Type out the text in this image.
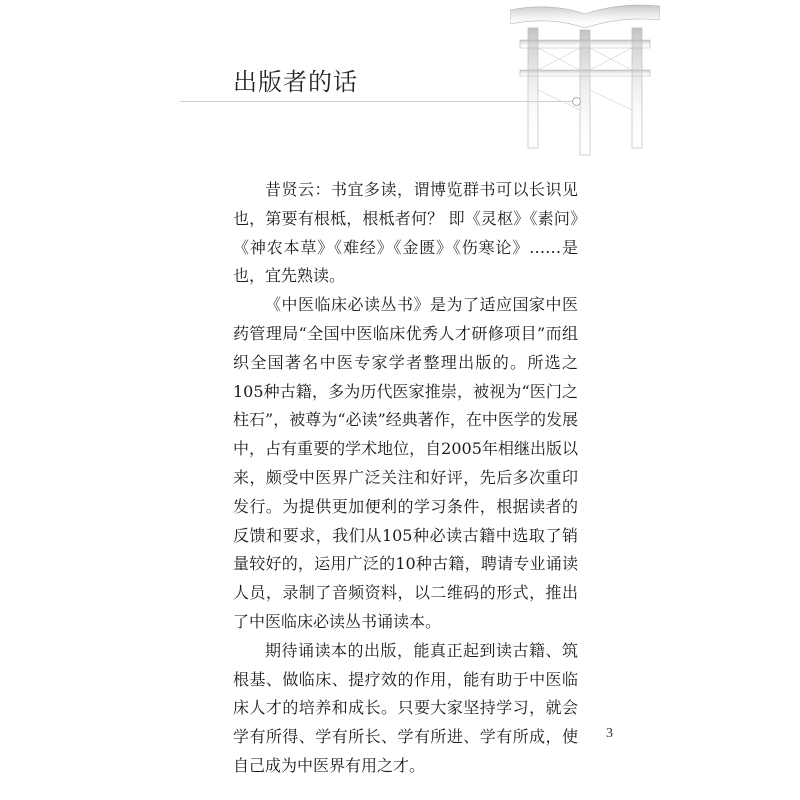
出版者的话

昔贤云：书宜多读，谓博览群书可以长识见也，第要有根柢，根柢者何？ 即《灵枢》《素问》《神农本草》《难经》《金匮》《伤寒论》……是也，宜先熟读。

《中医临床必读丛书》是为了适应国家中医药管理局“全国中医临床优秀人才研修项目”而组织全国著名中医专家学者整理出版的。所选之105种古籍，多为历代医家推崇，被视为“医门之柱石”，被尊为“必读”经典著作，在中医学的发展中，占有重要的学术地位，自2005年相继出版以来，颇受中医界广泛关注和好评，先后多次重印发行。为提供更加便利的学习条件，根据读者的反馈和要求，我们从105种必读古籍中选取了销量较好的，运用广泛的10种古籍，聘请专业诵读人员，录制了音频资料，以二维码的形式，推出了中医临床必读丛书诵读本。

期待诵读本的出版，能真正起到读古籍、筑根基、做临床、提疗效的作用，能有助于中医临床人才的培养和成长。只要大家坚持学习，就会学有所得、学有所长、学有所进、学有所成，使自己成为中医界有用之才。

3
